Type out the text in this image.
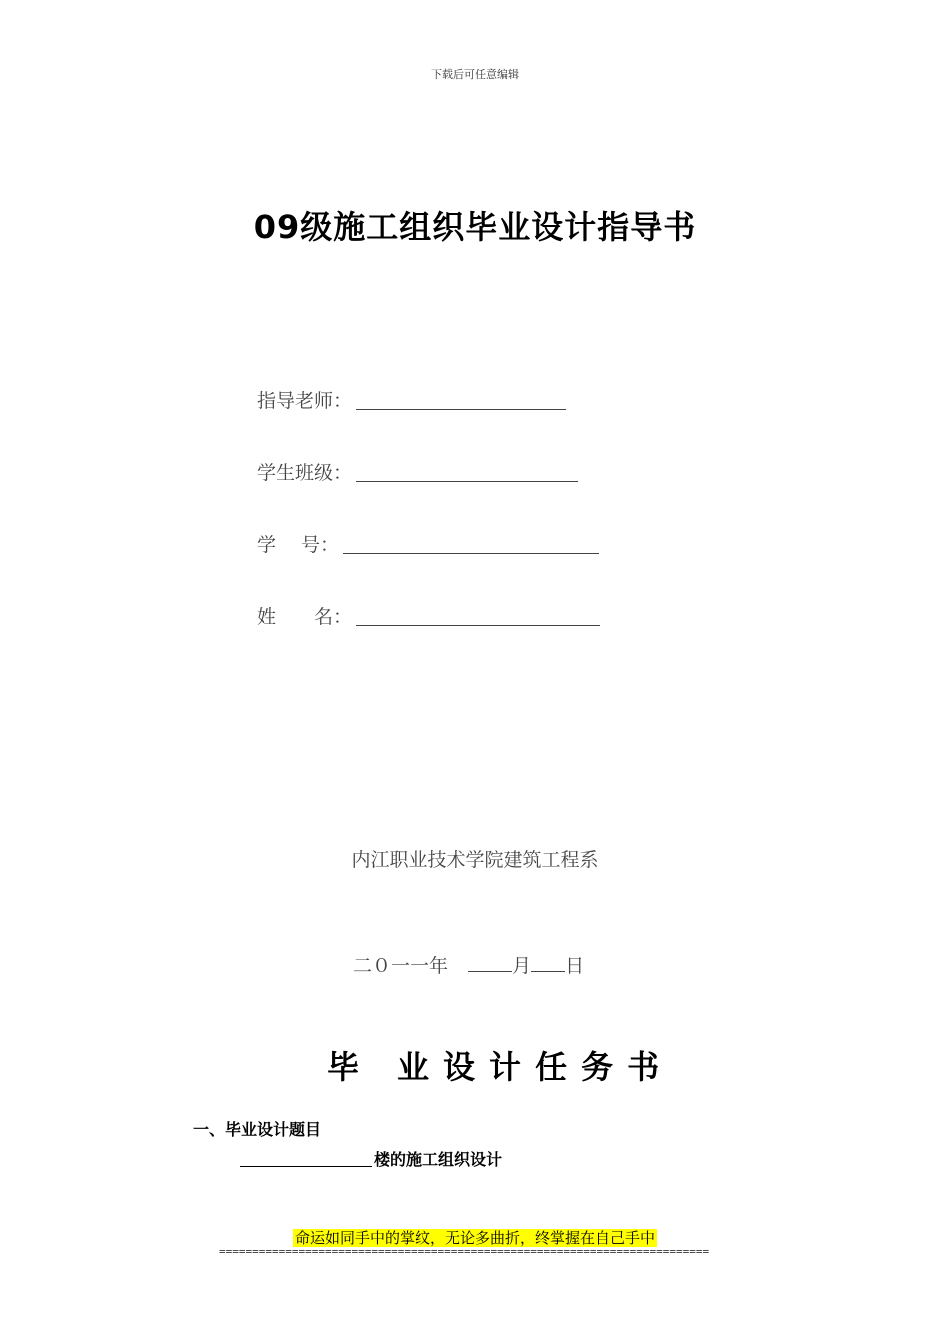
下载后可任意编辑
09级施工组织毕业设计指导书
指导老师：
学生班级：
学　 号：
姓　　名：
内江职业技术学院建筑工程系
二０一一年	月 日
毕 业 设 计 任 务 书
一、毕业设计题目
楼的施工组织设计
命运如同手中的掌纹，无论多曲折，终掌握在自己手中
==========================================================================
